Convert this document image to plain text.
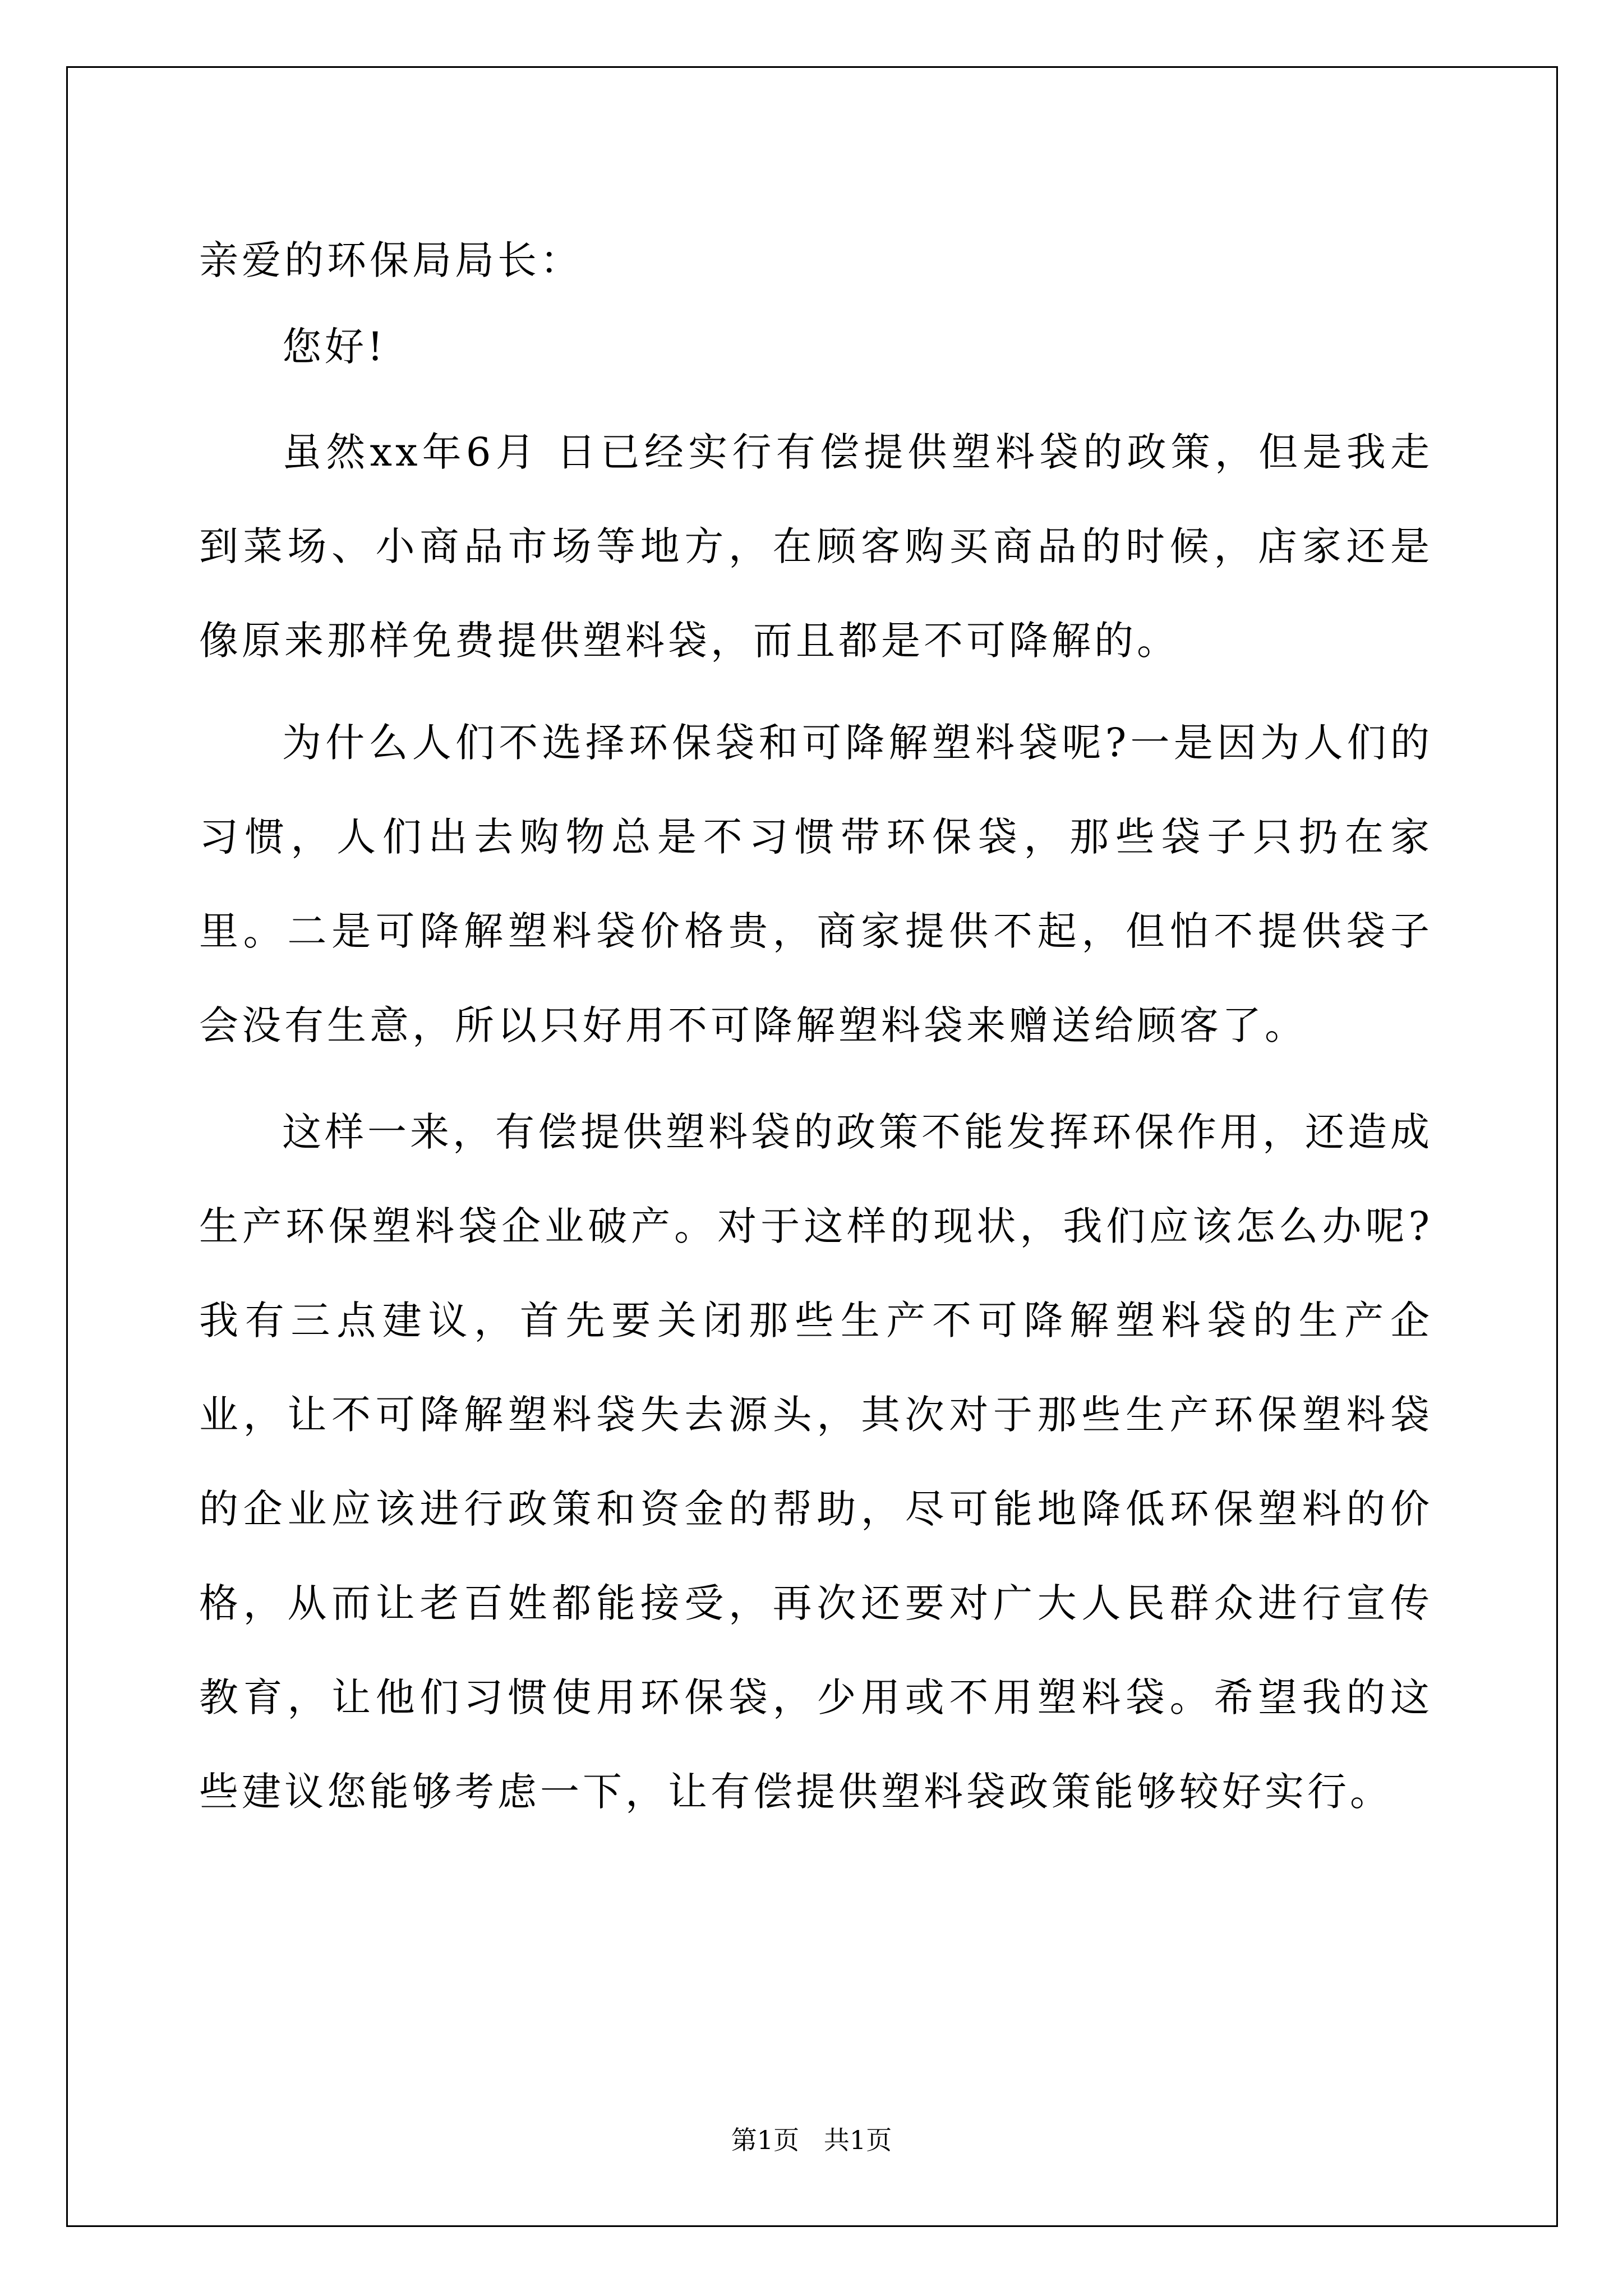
亲爱的环保局局长：

您好!

虽然xx年6月 日已经实行有偿提供塑料袋的政策，但是我走到菜场、小商品市场等地方，在顾客购买商品的时候，店家还是像原来那样免费提供塑料袋，而且都是不可降解的。

为什么人们不选择环保袋和可降解塑料袋呢?一是因为人们的习惯，人们出去购物总是不习惯带环保袋，那些袋子只扔在家里。二是可降解塑料袋价格贵，商家提供不起，但怕不提供袋子会没有生意，所以只好用不可降解塑料袋来赠送给顾客了。

这样一来，有偿提供塑料袋的政策不能发挥环保作用，还造成生产环保塑料袋企业破产。对于这样的现状，我们应该怎么办呢?我有三点建议，首先要关闭那些生产不可降解塑料袋的生产企业，让不可降解塑料袋失去源头，其次对于那些生产环保塑料袋的企业应该进行政策和资金的帮助，尽可能地降低环保塑料的价格，从而让老百姓都能接受，再次还要对广大人民群众进行宣传教育，让他们习惯使用环保袋，少用或不用塑料袋。希望我的这些建议您能够考虑一下，让有偿提供塑料袋政策能够较好实行。

第1页   共1页
